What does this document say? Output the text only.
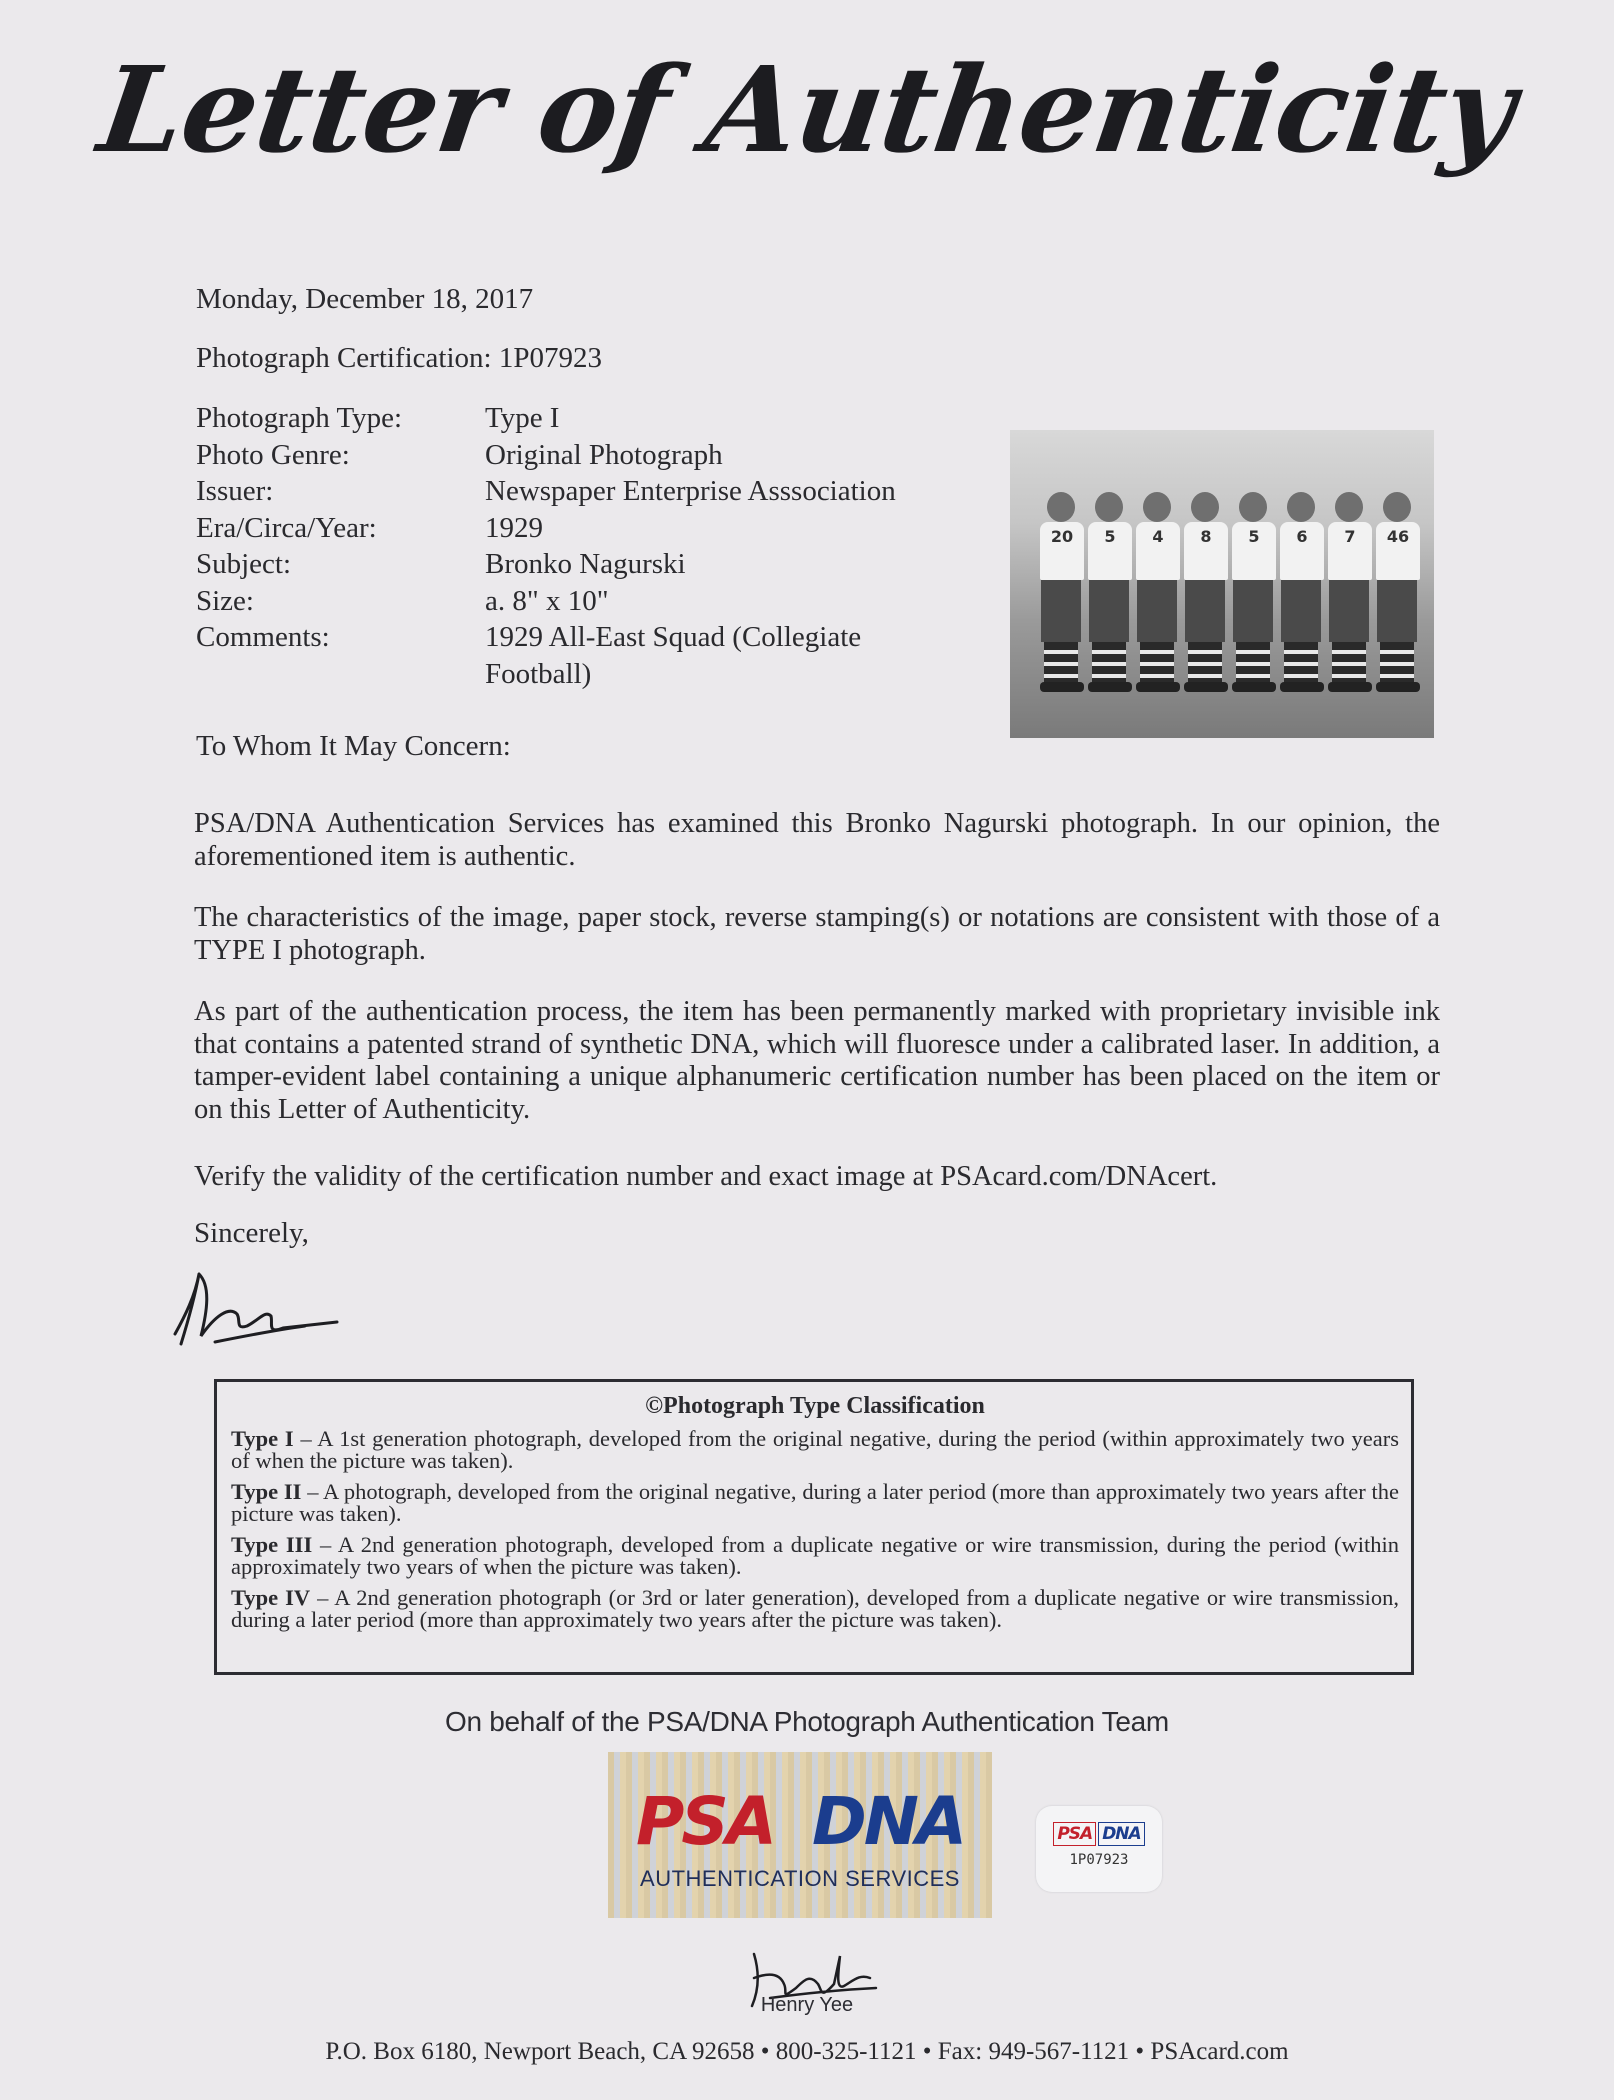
Letter of Authenticity
Monday, December 18, 2017
Photograph Certification: 1P07923
Photograph Type:	Type I
Photo Genre:	Original Photograph
Issuer:	Newspaper Enterprise Asssociation
Era/Circa/Year:	1929
Subject:	Bronko Nagurski
Size:	a. 8" x 10"
Comments:	1929 All-East Squad (Collegiate Football)
20	5	4	8	5	6	7	46
To Whom It May Concern:
PSA/DNA Authentication Services has examined this Bronko Nagurski photograph. In our opinion, the aforementioned item is authentic.
The characteristics of the image, paper stock, reverse stamping(s) or notations are consistent with those of a TYPE I photograph.
As part of the authentication process, the item has been permanently marked with proprietary invisible ink that contains a patented strand of synthetic DNA, which will fluoresce under a calibrated laser. In addition, a tamper-evident label containing a unique alphanumeric certification number has been placed on the item or on this Letter of Authenticity.
Verify the validity of the certification number and exact image at PSAcard.com/DNAcert.
Sincerely,
©Photograph Type Classification
Type I – A 1st generation photograph, developed from the original negative, during the period (within approximately two years of when the picture was taken).
Type II – A photograph, developed from the original negative, during a later period (more than approximately two years after the picture was taken).
Type III – A 2nd generation photograph, developed from a duplicate negative or wire transmission, during the period (within approximately two years of when the picture was taken).
Type IV – A 2nd generation photograph (or 3rd or later generation), developed from a duplicate negative or wire transmission, during a later period (more than approximately two years after the picture was taken).
On behalf of the PSA/DNA Photograph Authentication Team
PSA DNA
AUTHENTICATION SERVICES
PSA DNA
1P07923
Henry Yee
P.O. Box 6180, Newport Beach, CA 92658 • 800-325-1121 • Fax: 949-567-1121 • PSAcard.com
